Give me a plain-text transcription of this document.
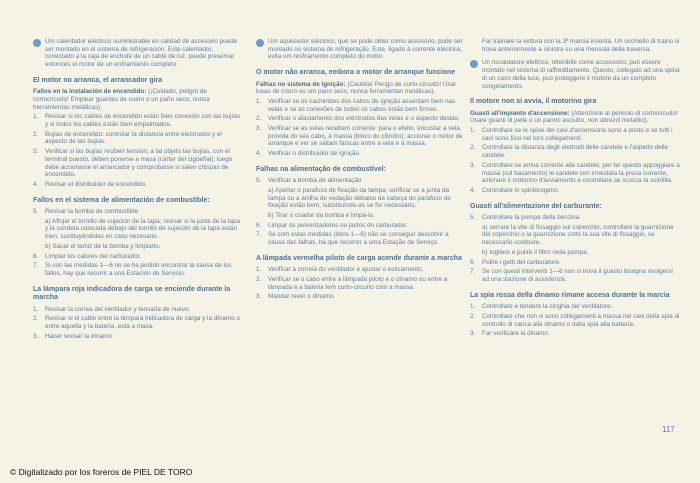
Um calentador eléctrico suministrable en calidad de accesorio puede ser montado en el sistema de refrigeración. Este calentador, conectado a la caja de enchufe de un cable de luz, puede preservar entonces el motor de un enfriamiento completo.
El motor no arranca, el arrancador gira
Fallos en la instalación de encendido: (¡Cuidado, peligro de cortocircuito! Emplear guantes de cuero o un paño seco, nunca herramientas metálicas).
1.	Revisar si los cables de encendido están bien conexión con las bujías y si todos los cables están bien empalmados.
2.	Bujías de encendido: controlar la distancia entre electrodos y el aspecto de las bujías.
3.	Verificar si las bujías reciben tensión: a tal objeto las bujías, con el terminal puesto, deben ponerse a masa (cárter del cigüeñal); luego debe accionarse el arrancador y comprobarse si salen chispas de encendido.
4.	Revisar el distribuidor de encendido.
Fallos en el sistema de alimentación de combustible:
5.	Revisar la bomba de combustible
a) Aflojar el tornillo de sujeción de la tapa; revisar si la junta de la tapa y la sondeta colocada debajo del tornillo de sujeción de la tapa están bien, sustituyéndolas en caso necesario.
b) Sacar el tamiz de la bomba y limpiarlo.
6.	Limpiar los calores del carburador.
7.	Si con las medidas 1—6 no se ha podido encontrar la causa de los fallos, hay que recurrir a una Estación de Servicio.
La lámpara roja indicadora de carga se enciende durante la marcha
1.	Revisar la correa del ventilador y tensarla de nuevo.
2.	Revisar si el cable entre la lámpara indicadora de carga y la dínamo o entre aquella y la batería, está a masa.
3.	Hacer revisar la dínamo
Um aquecedor eléctrico, que se pode obter como acessório, pode ser montado no sistema de refrigeração. Este, ligado à corrente eléctrica, evita um resfriamento completo do motor.
O motor não arranca, embora o motor de arranque funcione
Falhas no sistema de ignição: (Cautela! Perigo de curto-circuito! Usar luvas de couro ou um pano seco, nunca ferramentas metálicas).
1.	Verificar se os cachimbos dos cabos de ignição assentam bem nas velas e se as conexões de todos os cabos estão bem firmes.
2.	Verificar o afastamento dos eléctrodos das velas e o aspecto destas.
3.	Verificar se as velas recebem corrente: para o efeito, encostar a vela, provida do seu cabo, à massa (bloco do cilindro); accionar o motor de arranque e ver se saltam faíscas entre a vela e a massa.
4.	Verificar o distribuidor de ignição.
Falhas na alimentação de combustível:
5.	Verificar a bomba de alimentação
a) Apertar o parafuso de fixação da tampa; verificar se a junta da tampa ou a anilha de vedação debaixo da cabeça do parafuso de fixação estão bem, substituindo-as se for necessário.
b) Tirar o coador da bomba e limpá-lo.
6.	Limpar os pulverizadores ou jactos do carburador.
7.	Se com estas medidas (itens 1—6) não se conseguir descobrir a causa das falhas, há que recorrer a uma Estação de Serviço.
A lâmpada vermelha piloto de carga acende durante a marcha
1.	Verificar a correia do ventilador e ajustar o esticamento.
2.	Verificar se o cabo entre a lâmpada piloto e o dínamo ou entre a lâmpada e a bateria tem curto-circuito com a massa.
3.	Mandar rever o dínamo.
Far trainare la vettura con la 3ª marcia inserita. Un occhiello di traino si trova anteriormente a sinistra su una mensola della traversa.
Un riscaldatore elettrico, ottenibile come accessorio, può essere montato nel sistema di raffreddamento. Questo, collegato ad una spina di un cavo della luce, può proteggere il motore da un completo congelamento.
Il motore non si avvia, il motorino gira
Guasti all'impianto d'accensione: (Attenzione al pericolo di cortocircuito! Usare guanti di pelle o un panno asciutto, non attrezzi metallici).
1.	Controllare se le spine dei cavi d'accensione sono a posto e se tutti i cavi sono fissi nei loro collegamenti.
2.	Controllare la distanza degli elettrodi delle candele e l'aspetto delle candele.
3.	Controllare se arriva corrente alle candele; per far questo appoggiare a massa (sul basamento) le candele con innestata la presa corrente, azionare il motorino d'avviamento e controllare se scocca la scintilla.
4.	Controllare lo spinterogeno.
Guasti all'alimentazione del carburante:
5.	Controllare la pompa della benzina
a) serrare la vite di fissaggio sul coperchio, controllare la guarnizione del coperchio o la guarnizione sotto la sua vite di fissaggio, se necessario sostituire.
b) togliere e pulire il filtro nella pompa.
6.	Pulire i getti del carburatore.
7.	Se con questi interventi 1—6 non si trova il guasto bisogna rivolgersi ad una stazione di assistenza.
La spia rossa della dinamo rimane accesa durante la marcia
1.	Controllare e tendere la cinghia del ventilatore.
2.	Controllare che non vi sono collegamenti a massa nei cavi della spia di controllo di carica alla dinamo o dalla spia alla batteria.
3.	Far verificare la dinamo.
117
© Digitalizado por los foreros de PIEL DE TORO
